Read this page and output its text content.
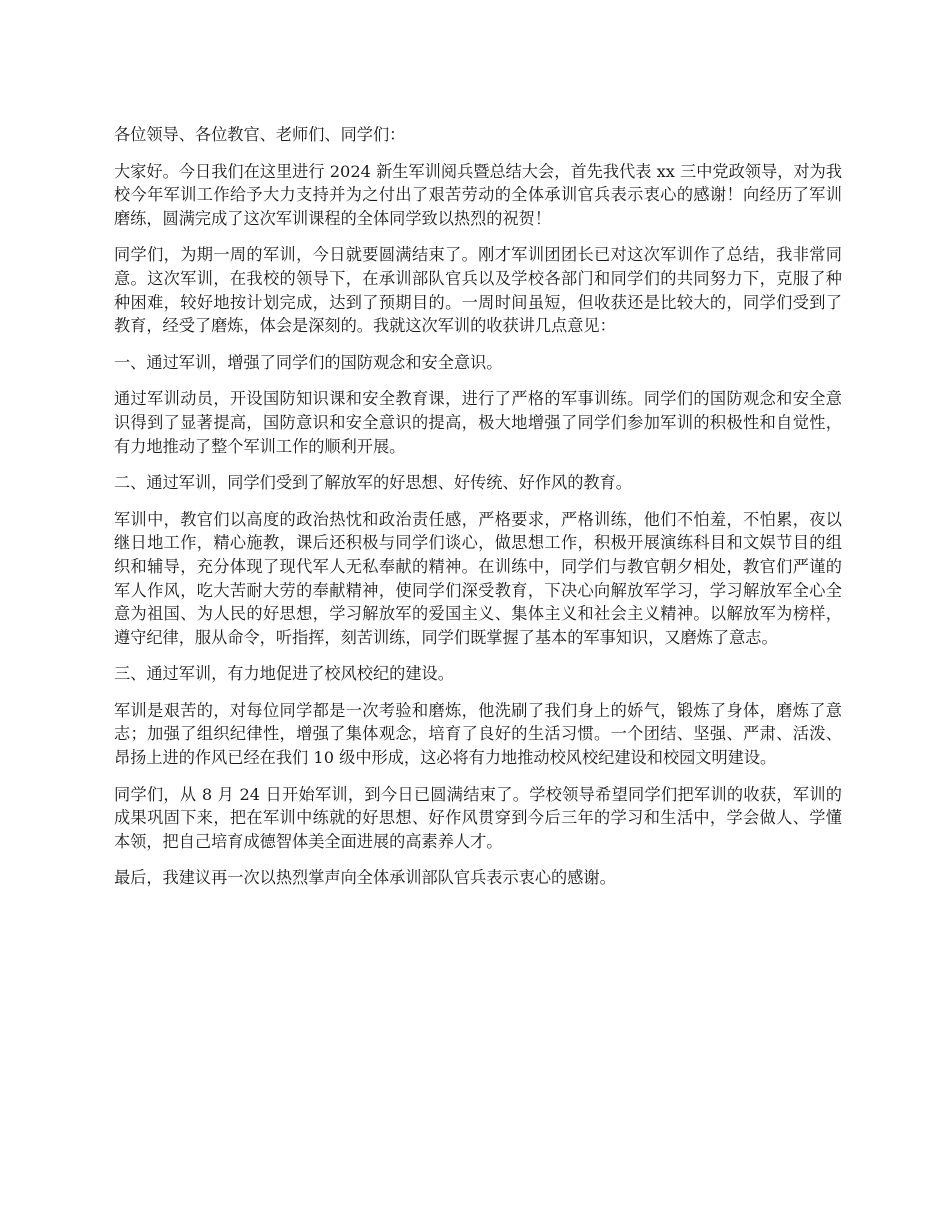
各位领导、各位教官、老师们、同学们：

大家好。今日我们在这里进行 2024 新生军训阅兵暨总结大会，首先我代表 xx 三中党政领导，对为我校今年军训工作给予大力支持并为之付出了艰苦劳动的全体承训官兵表示衷心的感谢！向经历了军训磨练，圆满完成了这次军训课程的全体同学致以热烈的祝贺！

同学们，为期一周的军训，今日就要圆满结束了。刚才军训团团长已对这次军训作了总结，我非常同意。这次军训，在我校的领导下，在承训部队官兵以及学校各部门和同学们的共同努力下，克服了种种困难，较好地按计划完成，达到了预期目的。一周时间虽短，但收获还是比较大的，同学们受到了教育，经受了磨炼，体会是深刻的。我就这次军训的收获讲几点意见：

一、通过军训，增强了同学们的国防观念和安全意识。

通过军训动员，开设国防知识课和安全教育课，进行了严格的军事训练。同学们的国防观念和安全意识得到了显著提高，国防意识和安全意识的提高，极大地增强了同学们参加军训的积极性和自觉性，有力地推动了整个军训工作的顺利开展。

二、通过军训，同学们受到了解放军的好思想、好传统、好作风的教育。

军训中，教官们以高度的政治热忱和政治责任感，严格要求，严格训练，他们不怕羞，不怕累，夜以继日地工作，精心施教，课后还积极与同学们谈心，做思想工作，积极开展演练科目和文娱节目的组织和辅导，充分体现了现代军人无私奉献的精神。在训练中，同学们与教官朝夕相处，教官们严谨的军人作风，吃大苦耐大劳的奉献精神，使同学们深受教育，下决心向解放军学习，学习解放军全心全意为祖国、为人民的好思想，学习解放军的爱国主义、集体主义和社会主义精神。以解放军为榜样，遵守纪律，服从命令，听指挥，刻苦训练，同学们既掌握了基本的军事知识，又磨炼了意志。

三、通过军训，有力地促进了校风校纪的建设。

军训是艰苦的，对每位同学都是一次考验和磨炼，他洗刷了我们身上的娇气，锻炼了身体，磨炼了意志；加强了组织纪律性，增强了集体观念，培育了良好的生活习惯。一个团结、坚强、严肃、活泼、昂扬上进的作风已经在我们 10 级中形成，这必将有力地推动校风校纪建设和校园文明建设。

同学们，从 8 月 24 日开始军训，到今日已圆满结束了。学校领导希望同学们把军训的收获，军训的成果巩固下来，把在军训中练就的好思想、好作风贯穿到今后三年的学习和生活中，学会做人、学懂本领，把自己培育成德智体美全面进展的高素养人才。

最后，我建议再一次以热烈掌声向全体承训部队官兵表示衷心的感谢。
